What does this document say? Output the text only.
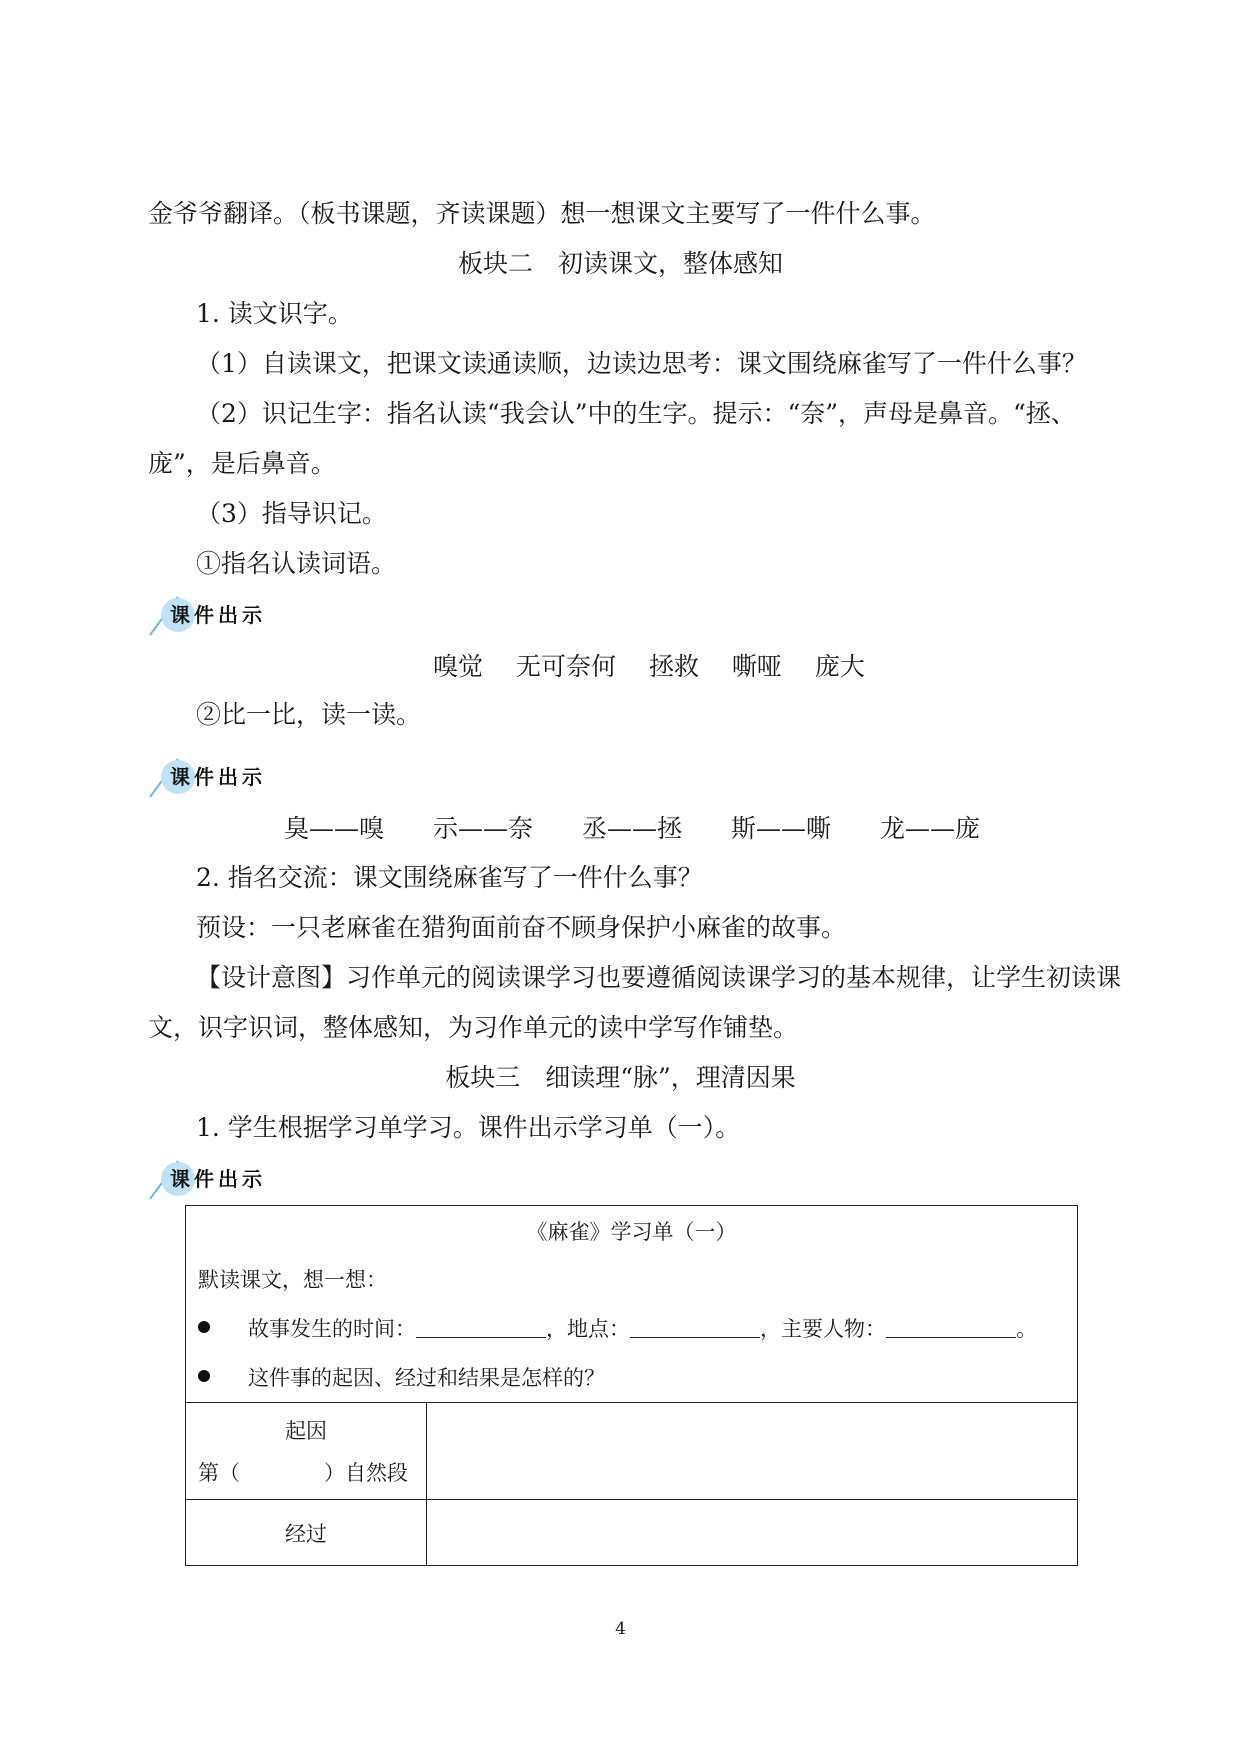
金爷爷翻译。（板书课题，齐读课题）想一想课文主要写了一件什么事。
板块二　初读课文，整体感知
1. 读文识字。
（1）自读课文，把课文读通读顺，边读边思考：课文围绕麻雀写了一件什么事？
（2）识记生字：指名认读“我会认”中的生字。提示：“奈”，声母是鼻音。“拯、
庞”，是后鼻音。
（3）指导识记。
①指名认读词语。
课件出示
嗅觉 无可奈何 拯救 嘶哑 庞大
②比一比，读一读。
课件出示
臭——嗅 示——奈 丞——拯 斯——嘶 龙——庞
2. 指名交流：课文围绕麻雀写了一件什么事？
预设：一只老麻雀在猎狗面前奋不顾身保护小麻雀的故事。
【设计意图】习作单元的阅读课学习也要遵循阅读课学习的基本规律，让学生初读课
文，识字识词，整体感知，为习作单元的读中学写作铺垫。
板块三　细读理“脉”，理清因果
1. 学生根据学习单学习。课件出示学习单（一）。
课件出示
《麻雀》学习单（一）
默读课文，想一想：
故事发生的时间： ，地点： ，主要人物： 。
这件事的起因、经过和结果是怎样的？	

起因
第（　　　　）自然段	

经过	

4
